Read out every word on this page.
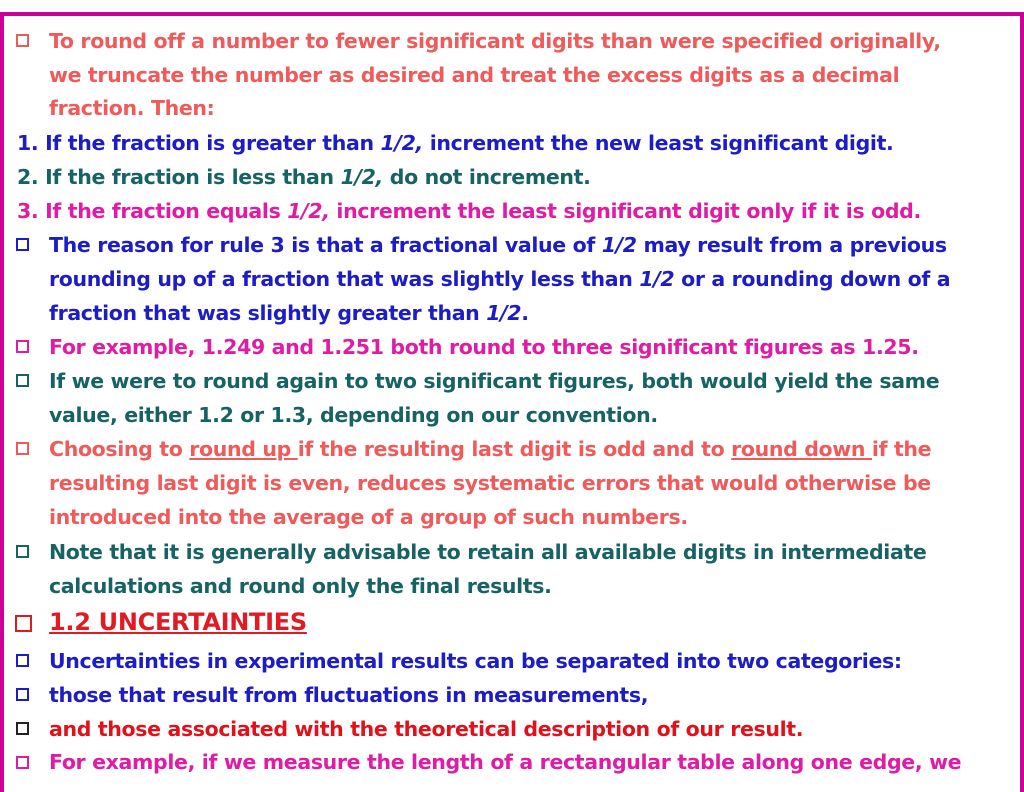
To round off a number to fewer significant digits than were specified originally,
we truncate the number as desired and treat the excess digits as a decimal
fraction. Then:
1. If the fraction is greater than 1/2, increment the new least significant digit.
2. If the fraction is less than 1/2, do not increment.
3. If the fraction equals 1/2, increment the least significant digit only if it is odd.
The reason for rule 3 is that a fractional value of 1/2 may result from a previous
rounding up of a fraction that was slightly less than 1/2 or a rounding down of a
fraction that was slightly greater than 1/2.
For example, 1.249 and 1.251 both round to three significant figures as 1.25.
If we were to round again to two significant figures, both would yield the same
value, either 1.2 or 1.3, depending on our convention.
Choosing to round up if the resulting last digit is odd and to round down if the
resulting last digit is even, reduces systematic errors that would otherwise be
introduced into the average of a group of such numbers.
Note that it is generally advisable to retain all available digits in intermediate
calculations and round only the final results.
1.2 UNCERTAINTIES
Uncertainties in experimental results can be separated into two categories:
those that result from fluctuations in measurements,
and those associated with the theoretical description of our result.
For example, if we measure the length of a rectangular table along one edge, we
